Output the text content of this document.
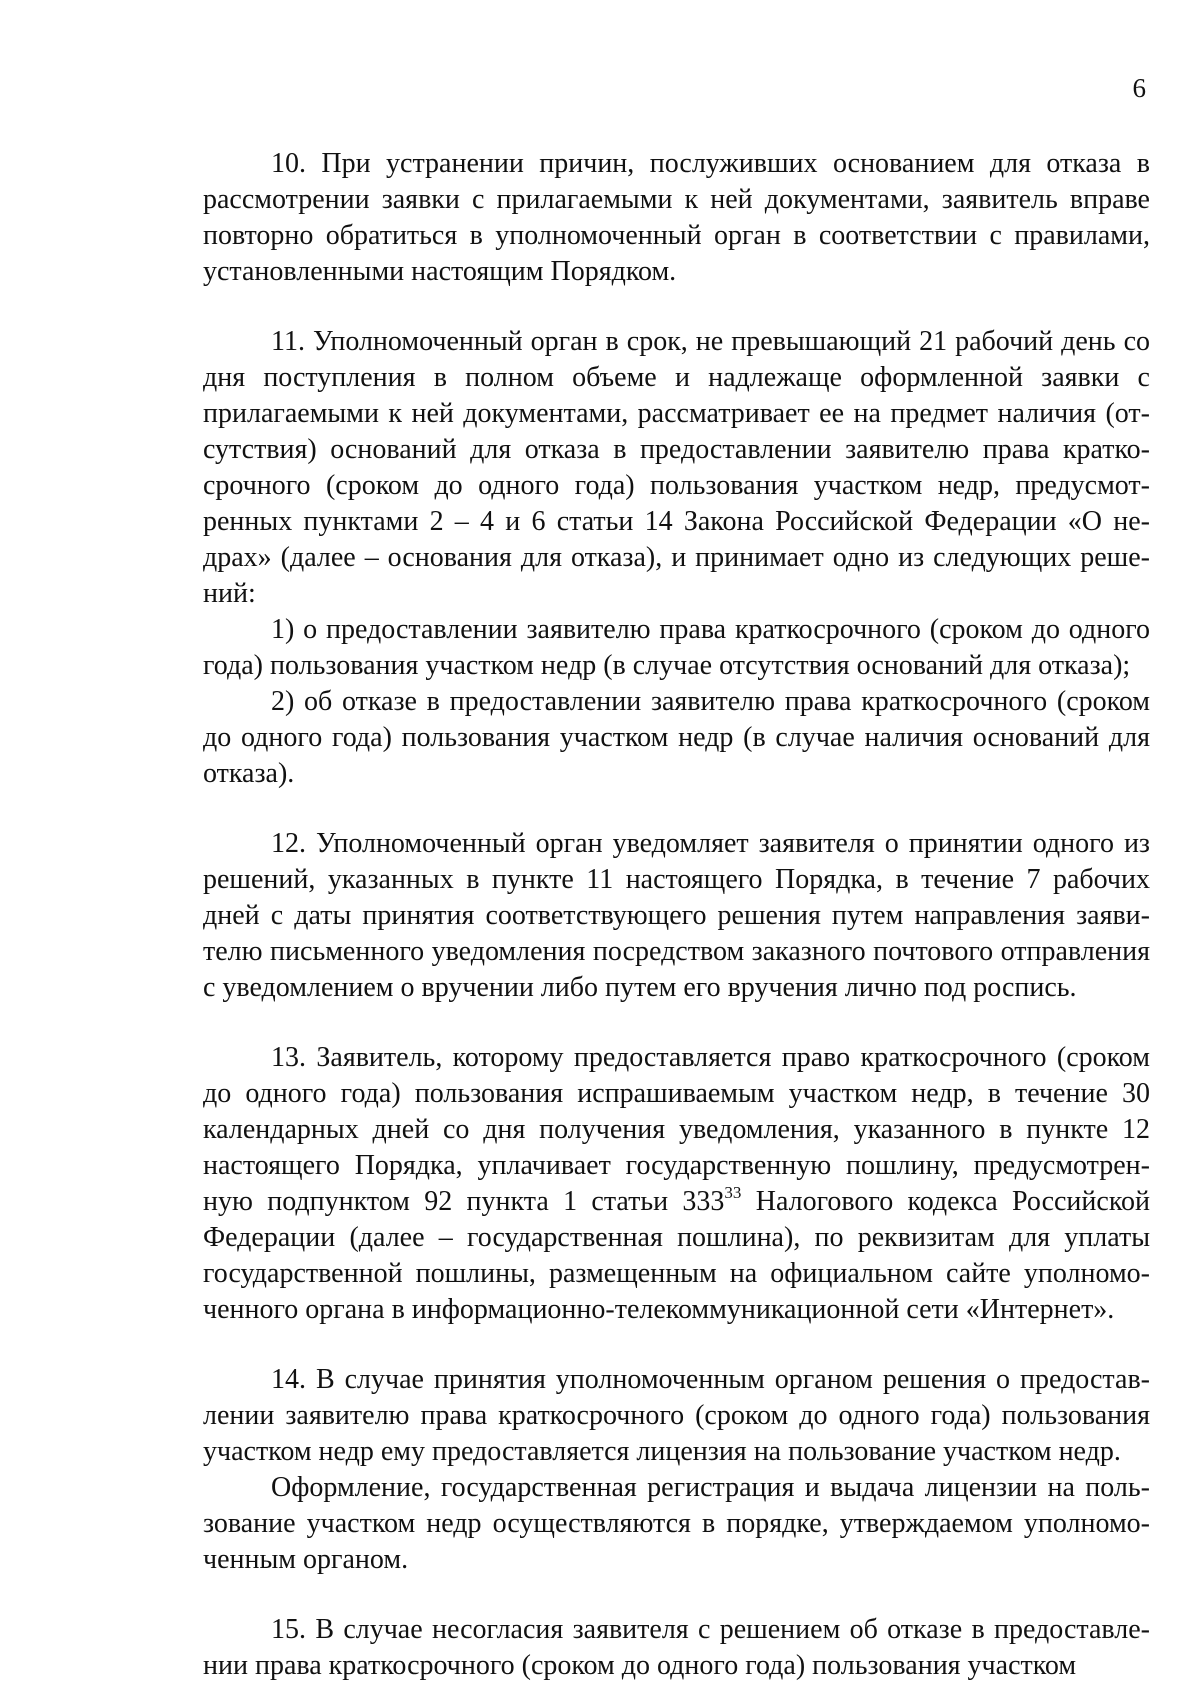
6

10. При устранении причин, послуживших основанием для отказа в рассмотрении заявки с прилагаемыми к ней документами, заявитель вправе повторно обратиться в уполномоченный орган в соответствии с правилами, установленными настоящим Порядком.

11. Уполномоченный орган в срок, не превышающий 21 рабочий день со дня поступления в полном объеме и надлежаще оформленной заявки с прилагаемыми к ней документами, рассматривает ее на предмет наличия (отсутствия) оснований для отказа в предоставлении заявителю права краткосрочного (сроком до одного года) пользования участком недр, предусмотренных пунктами 2 – 4 и 6 статьи 14 Закона Российской Федерации «О недрах» (далее – основания для отказа), и принимает одно из следующих решений:

1) о предоставлении заявителю права краткосрочного (сроком до одного года) пользования участком недр (в случае отсутствия оснований для отказа);

2) об отказе в предоставлении заявителю права краткосрочного (сроком до одного года) пользования участком недр (в случае наличия оснований для отказа).

12. Уполномоченный орган уведомляет заявителя о принятии одного из решений, указанных в пункте 11 настоящего Порядка, в течение 7 рабочих дней с даты принятия соответствующего решения путем направления заявителю письменного уведомления посредством заказного почтового отправления с уведомлением о вручении либо путем его вручения лично под роспись.

13. Заявитель, которому предоставляется право краткосрочного (сроком до одного года) пользования испрашиваемым участком недр, в течение 30 календарных дней со дня получения уведомления, указанного в пункте 12 настоящего Порядка, уплачивает государственную пошлину, предусмотренную подпунктом 92 пункта 1 статьи $333^{33}$ Налогового кодекса Российской Федерации (далее – государственная пошлина), по реквизитам для уплаты государственной пошлины, размещенным на официальном сайте уполномоченного органа в информационно-телекоммуникационной сети «Интернет».

14. В случае принятия уполномоченным органом решения о предоставлении заявителю права краткосрочного (сроком до одного года) пользования участком недр ему предоставляется лицензия на пользование участком недр.

Оформление, государственная регистрация и выдача лицензии на пользование участком недр осуществляются в порядке, утверждаемом уполномоченным органом.

15. В случае несогласия заявителя с решением об отказе в предоставлении права краткосрочного (сроком до одного года) пользования участком
